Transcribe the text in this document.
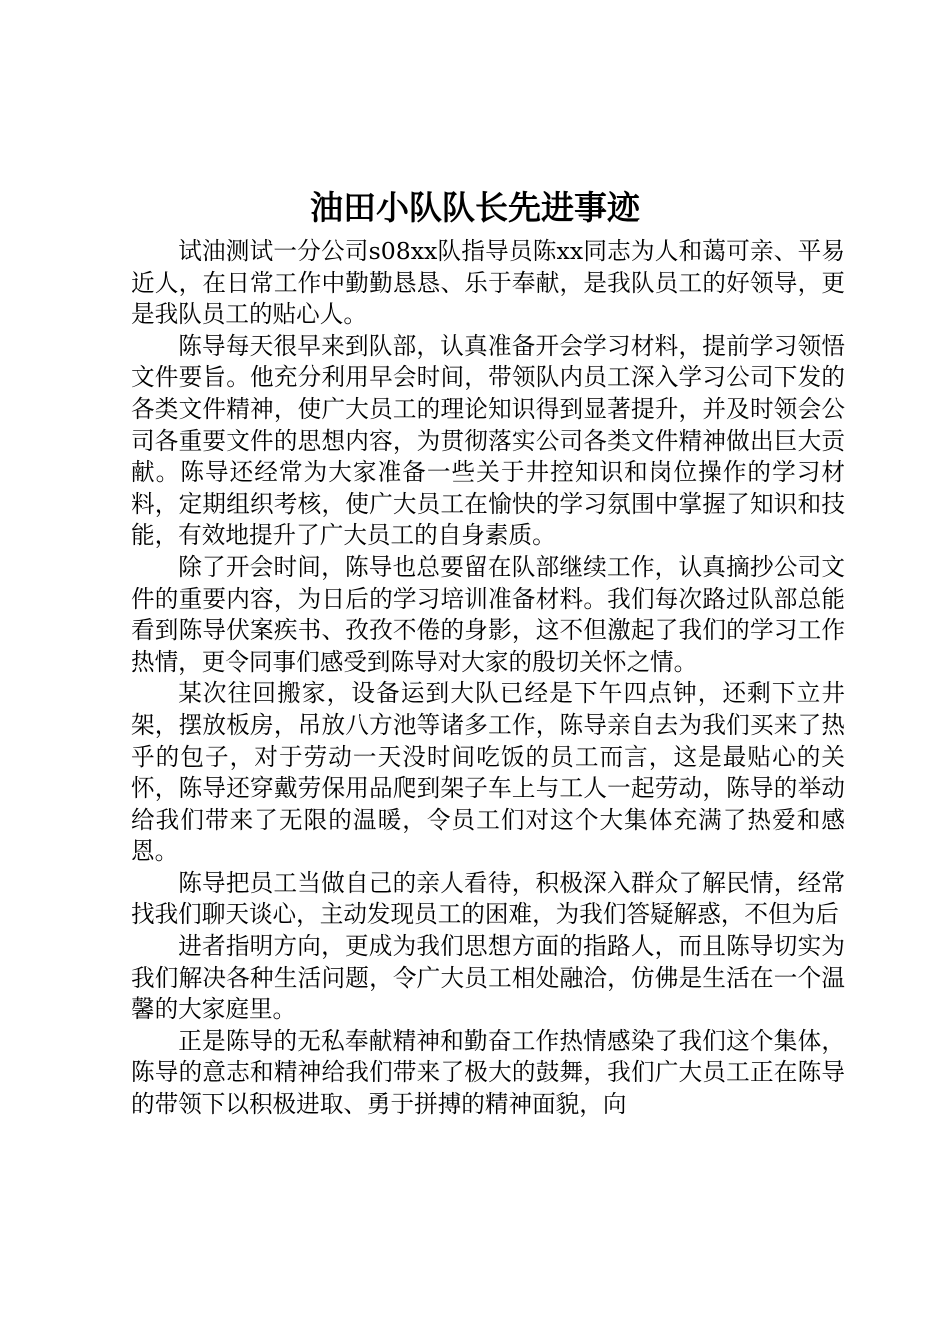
油田小队队长先进事迹

试油测试一分公司s08xx队指导员陈xx同志为人和蔼可亲、平易近人，在日常工作中勤勤恳恳、乐于奉献，是我队员工的好领导，更是我队员工的贴心人。

陈导每天很早来到队部，认真准备开会学习材料，提前学习领悟文件要旨。他充分利用早会时间，带领队内员工深入学习公司下发的各类文件精神，使广大员工的理论知识得到显著提升，并及时领会公司各重要文件的思想内容，为贯彻落实公司各类文件精神做出巨大贡献。陈导还经常为大家准备一些关于井控知识和岗位操作的学习材料，定期组织考核，使广大员工在愉快的学习氛围中掌握了知识和技能，有效地提升了广大员工的自身素质。

除了开会时间，陈导也总要留在队部继续工作，认真摘抄公司文件的重要内容，为日后的学习培训准备材料。我们每次路过队部总能看到陈导伏案疾书、孜孜不倦的身影，这不但激起了我们的学习工作热情，更令同事们感受到陈导对大家的殷切关怀之情。

某次往回搬家，设备运到大队已经是下午四点钟，还剩下立井架，摆放板房，吊放八方池等诸多工作，陈导亲自去为我们买来了热乎的包子，对于劳动一天没时间吃饭的员工而言，这是最贴心的关怀，陈导还穿戴劳保用品爬到架子车上与工人一起劳动，陈导的举动给我们带来了无限的温暖，令员工们对这个大集体充满了热爱和感恩。

陈导把员工当做自己的亲人看待，积极深入群众了解民情，经常找我们聊天谈心，主动发现员工的困难，为我们答疑解惑，不但为后

进者指明方向，更成为我们思想方面的指路人，而且陈导切实为我们解决各种生活问题，令广大员工相处融洽，仿佛是生活在一个温馨的大家庭里。

正是陈导的无私奉献精神和勤奋工作热情感染了我们这个集体，陈导的意志和精神给我们带来了极大的鼓舞，我们广大员工正在陈导的带领下以积极进取、勇于拼搏的精神面貌，向
